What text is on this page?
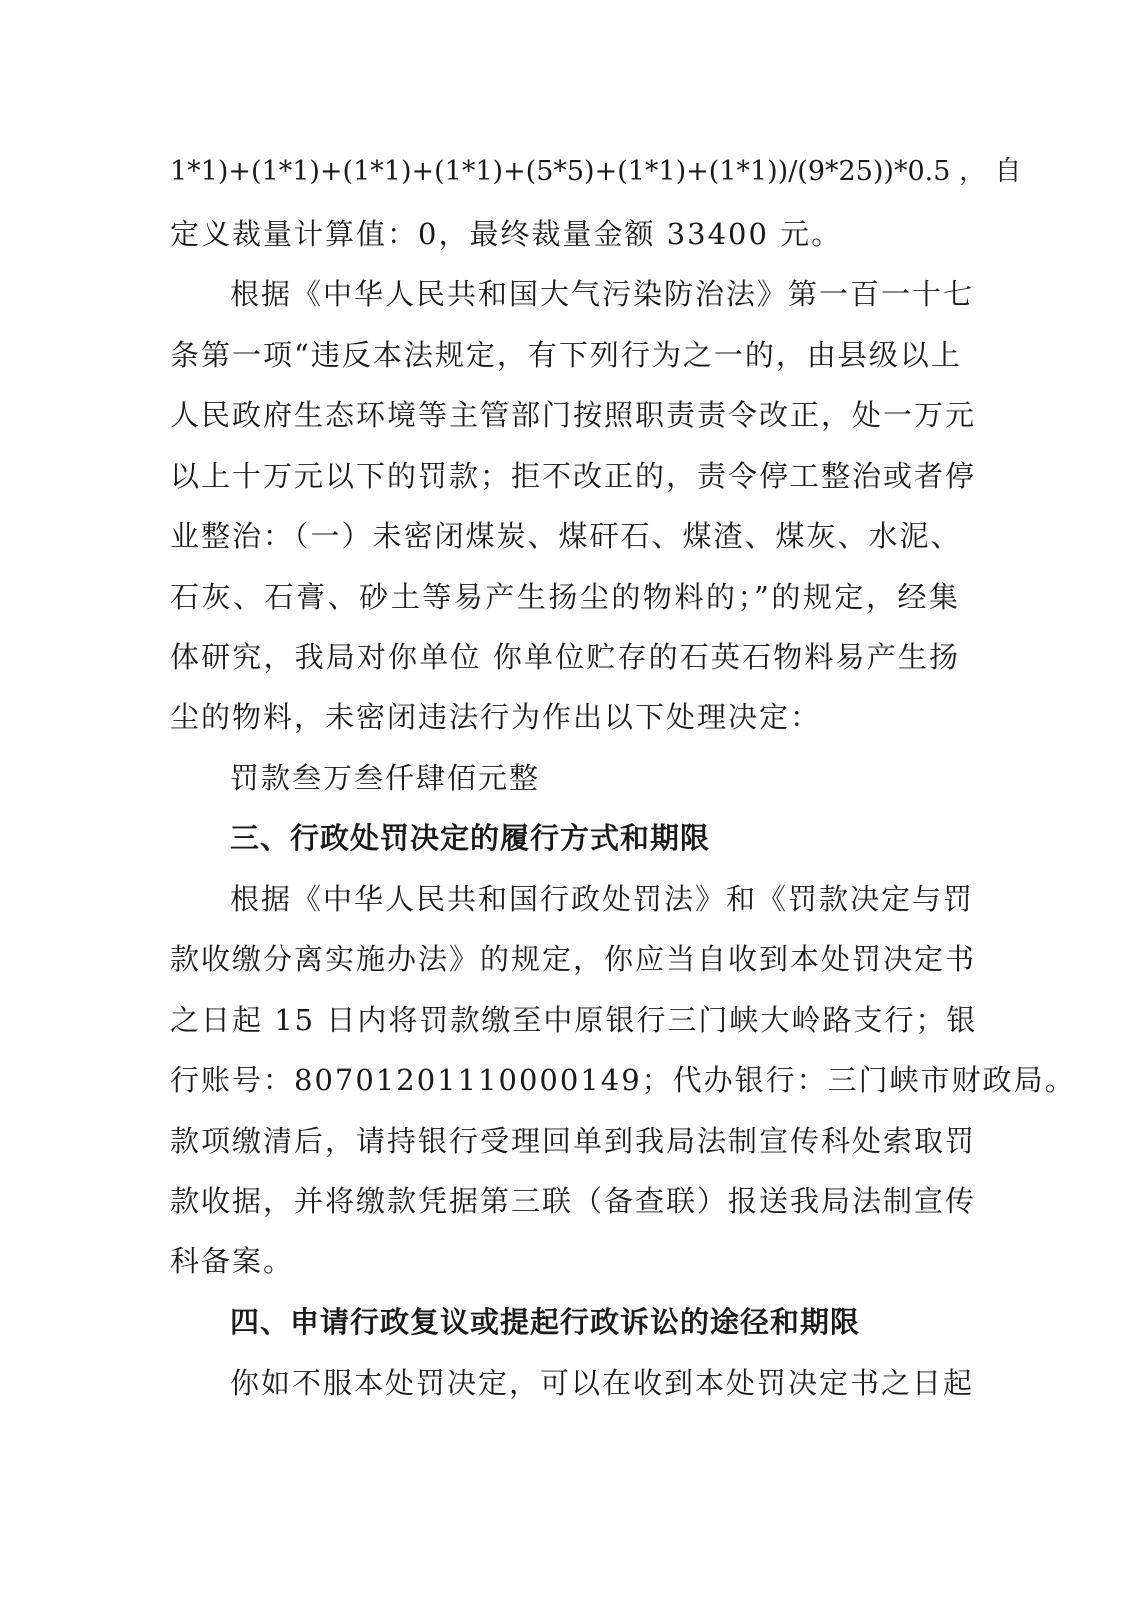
1*1)+(1*1)+(1*1)+(1*1)+(5*5)+(1*1)+(1*1))/(9*25))*0.5 ， 自
定义裁量计算值：0，最终裁量金额 33400 元。
根据《中华人民共和国大气污染防治法》第一百一十七
条第一项“违反本法规定，有下列行为之一的，由县级以上
人民政府生态环境等主管部门按照职责责令改正，处一万元
以上十万元以下的罚款；拒不改正的，责令停工整治或者停
业整治：（一）未密闭煤炭、煤矸石、煤渣、煤灰、水泥、
石灰、石膏、砂土等易产生扬尘的物料的；”的规定，经集
体研究，我局对你单位 你单位贮存的石英石物料易产生扬
尘的物料，未密闭违法行为作出以下处理决定：
罚款叁万叁仟肆佰元整
三、行政处罚决定的履行方式和期限
根据《中华人民共和国行政处罚法》和《罚款决定与罚
款收缴分离实施办法》的规定，你应当自收到本处罚决定书
之日起 15 日内将罚款缴至中原银行三门峡大岭路支行；银
行账号：80701201110000149；代办银行：三门峡市财政局。
款项缴清后，请持银行受理回单到我局法制宣传科处索取罚
款收据，并将缴款凭据第三联（备查联）报送我局法制宣传
科备案。
四、申请行政复议或提起行政诉讼的途径和期限
你如不服本处罚决定，可以在收到本处罚决定书之日起
